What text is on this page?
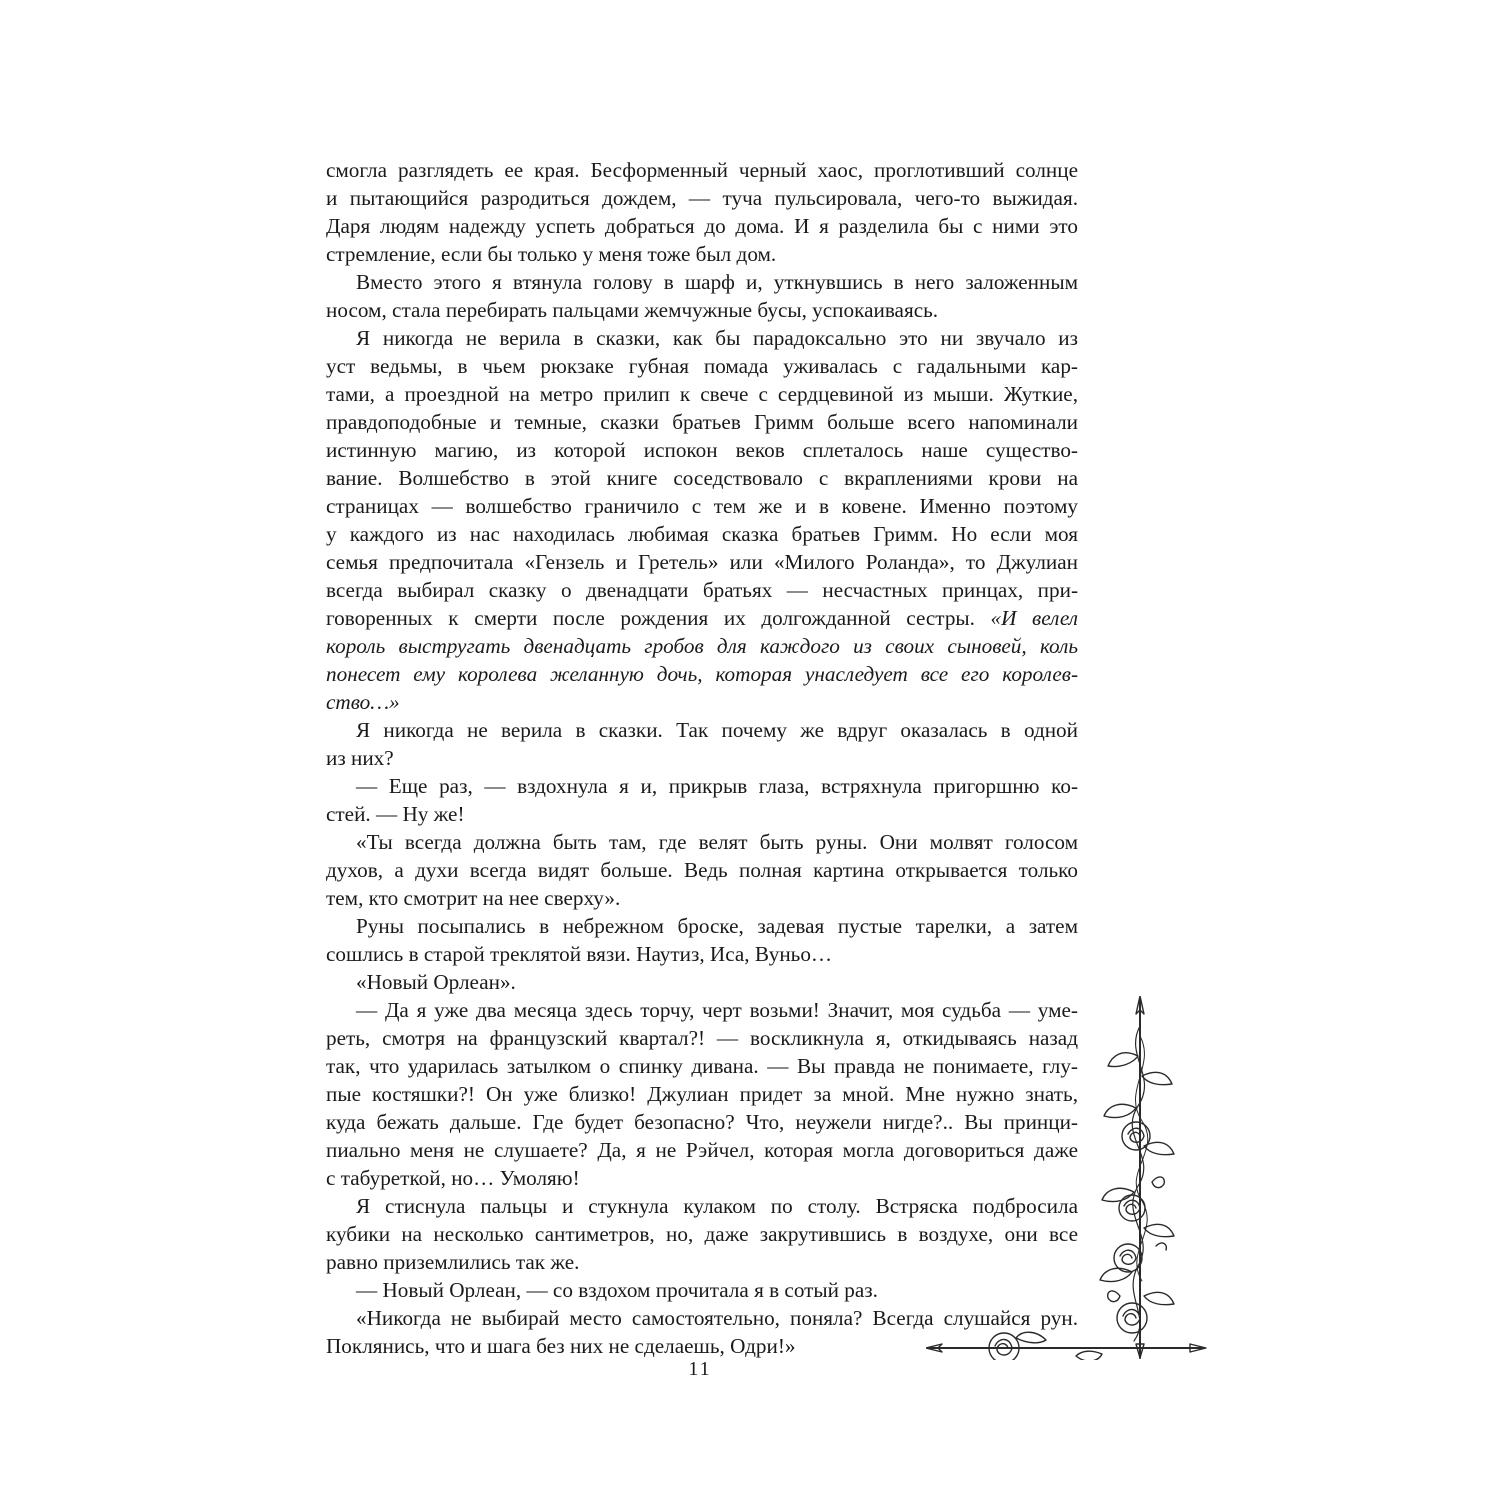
смогла разглядеть ее края. Бесформенный черный хаос, проглотивший солнце
и пытающийся разродиться дождем, — туча пульсировала, чего-то выжидая.
Даря людям надежду успеть добраться до дома. И я разделила бы с ними это
стремление, если бы только у меня тоже был дом.

Вместо этого я втянула голову в шарф и, уткнувшись в него заложенным
носом, стала перебирать пальцами жемчужные бусы, успокаиваясь.

Я никогда не верила в сказки, как бы парадоксально это ни звучало из
уст ведьмы, в чьем рюкзаке губная помада уживалась с гадальными кар-
тами, а проездной на метро прилип к свече с сердцевиной из мыши. Жуткие,
правдоподобные и темные, сказки братьев Гримм больше всего напоминали
истинную магию, из которой испокон веков сплеталось наше существо-
вание. Волшебство в этой книге соседствовало с вкраплениями крови на
страницах — волшебство граничило с тем же и в ковене. Именно поэтому
у каждого из нас находилась любимая сказка братьев Гримм. Но если моя
семья предпочитала «Гензель и Гретель» или «Милого Роланда», то Джулиан
всегда выбирал сказку о двенадцати братьях — несчастных принцах, при-
говоренных к смерти после рождения их долгожданной сестры. «И велел
король выстругать двенадцать гробов для каждого из своих сыновей, коль
понесет ему королева желанную дочь, которая унаследует все его королев-
ство…»

Я никогда не верила в сказки. Так почему же вдруг оказалась в одной
из них?

— Еще раз, — вздохнула я и, прикрыв глаза, встряхнула пригоршню ко-
стей. — Ну же!

«Ты всегда должна быть там, где велят быть руны. Они молвят голосом
духов, а духи всегда видят больше. Ведь полная картина открывается только
тем, кто смотрит на нее сверху».

Руны посыпались в небрежном броске, задевая пустые тарелки, а затем
сошлись в старой треклятой вязи. Наутиз, Иса, Вуньо…

«Новый Орлеан».

— Да я уже два месяца здесь торчу, черт возьми! Значит, моя судьба — уме-
реть, смотря на французский квартал?! — воскликнула я, откидываясь назад
так, что ударилась затылком о спинку дивана. — Вы правда не понимаете, глу-
пые костяшки?! Он уже близко! Джулиан придет за мной. Мне нужно знать,
куда бежать дальше. Где будет безопасно? Что, неужели нигде?.. Вы принци-
пиально меня не слушаете? Да, я не Рэйчел, которая могла договориться даже
с табуреткой, но… Умоляю!

Я стиснула пальцы и стукнула кулаком по столу. Встряска подбросила
кубики на несколько сантиметров, но, даже закрутившись в воздухе, они все
равно приземлились так же.

— Новый Орлеан, — со вздохом прочитала я в сотый раз.

«Никогда не выбирай место самостоятельно, поняла? Всегда слушайся рун.
Поклянись, что и шага без них не сделаешь, Одри!»

11
